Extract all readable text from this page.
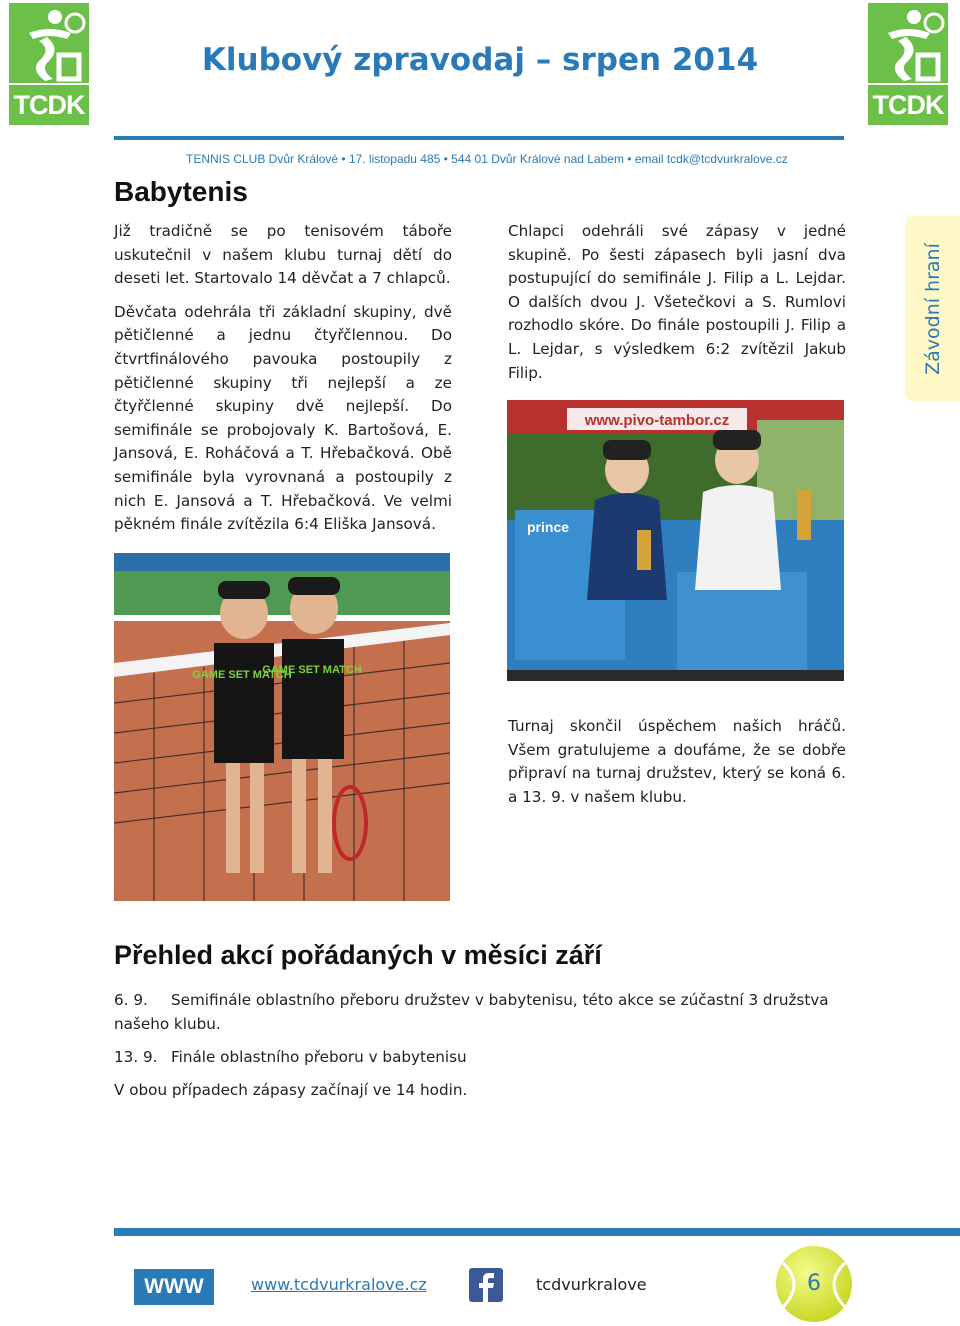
TCDK	TCDK
Klubový zpravodaj – srpen 2014
TENNIS CLUB Dvůr Králové • 17. listopadu 485 • 544 01 Dvůr Králové nad Labem • email tcdk@tcdvurkralove.cz
Babytenis

Již tradičně se po tenisovém táboře uskutečnil v našem klubu turnaj dětí do deseti let. Startovalo 14 děvčat a 7 chlapců.

Děvčata odehrála tři základní skupiny, dvě pětičlenné a jednu čtyřčlennou. Do čtvrtfinálového pavouka postoupily z pětičlenné skupiny tři nejlepší a ze čtyřčlenné skupiny dvě nejlepší. Do semifinále se probojovaly K. Bartošová, E. Jansová, E. Roháčová a T. Hřebačková. Obě semifinále byla vyrovnaná a postoupily z nich E. Jansová a T. Hřebačková. Ve velmi pěkném finále zvítězila 6:4 Eliška Jansová.

Chlapci odehráli své zápasy v jedné skupině. Po šesti zápasech byli jasní dva postupující do semifinále J. Filip a L. Lejdar. O dalších dvou J. Všetečkovi a S. Rumlovi rozhodlo skóre. Do finále postoupili J. Filip a L. Lejdar, s výsledkem 6:2 zvítězil Jakub Filip.	Závodní hraní
www.pivo-tambor.cz
prince
GAME SET MATCH
GAME SET MATCH

Turnaj skončil úspěchem našich hráčů. Všem gratulujeme a doufáme, že se dobře připraví na turnaj družstev, který se koná 6. a 13. 9. v našem klubu.

Přehled akcí pořádaných v měsíci září
6. 9. Semifinále oblastního přeboru družstev v babytenisu, této akce se zúčastní 3 družstva našeho klubu.
13. 9. Finále oblastního přeboru v babytenisu
V obou případech zápasy začínají ve 14 hodin.
WWW	www.tcdvurkralove.cz	tcdvurkralove	6
